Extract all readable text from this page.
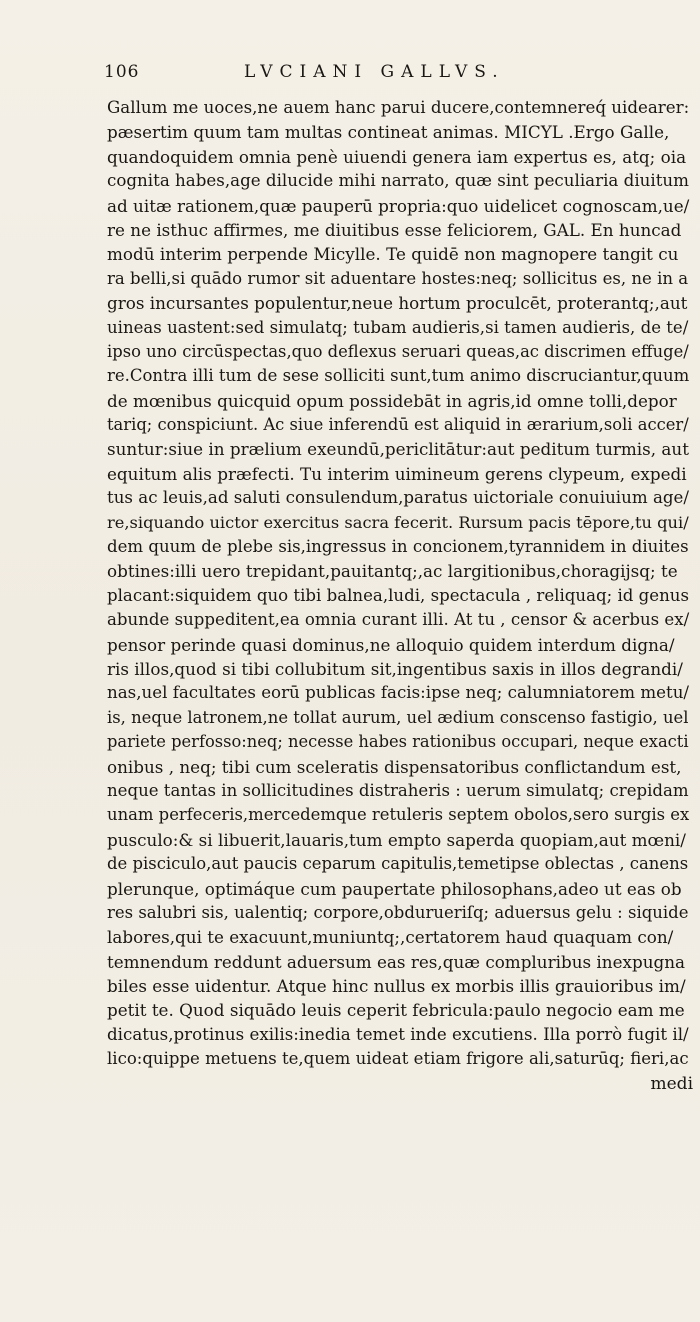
106	LVCIANI GALLVS.
Gallum me uoces,ne auem hanc parui ducere,contemnereq́ uidearer:
pæsertim quum tam multas contineat animas. MICYL .Ergo Galle,
quandoquidem omnia penè uiuendi genera iam expertus es, atq; oia
cognita habes,age dilucide mihi narrato, quæ sint peculiaria diuitum
ad uitæ rationem,quæ pauperū propria:quo uidelicet cognoscam,ue/
re ne isthuc affirmes, me diuitibus esse feliciorem, GAL. En huncad
modū interim perpende Micylle. Te quidē non magnopere tangit cu
ra belli,si quādo rumor sit aduentare hostes:neq; sollicitus es, ne in a
gros incursantes populentur,neue hortum proculcēt, proterantq;,aut
uineas uastent:sed simulatq; tubam audieris,si tamen audieris, de te/
ipso uno circūspectas,quo deflexus seruari queas,ac discrimen effuge/
re.Contra illi tum de sese solliciti sunt,tum animo discruciantur,quum
de mœnibus quicquid opum possidebāt in agris,id omne tolli,depor
tariq; conspiciunt. Ac siue inferendū est aliquid in ærarium,soli accer/
suntur:siue in prælium exeundū,periclitātur:aut peditum turmis, aut
equitum alis præfecti. Tu interim uimineum gerens clypeum, expedi
tus ac leuis,ad saluti consulendum,paratus uictoriale conuiuium age/
re,siquando uictor exercitus sacra fecerit. Rursum pacis tēpore,tu qui/
dem quum de plebe sis,ingressus in concionem,tyrannidem in diuites
obtines:illi uero trepidant,pauitantq;,ac largitionibus,choragijsq; te
placant:siquidem quo tibi balnea,ludi, spectacula , reliquaq; id genus
abunde suppeditent,ea omnia curant illi. At tu , censor & acerbus ex/
pensor perinde quasi dominus,ne alloquio quidem interdum digna/
ris illos,quod si tibi collubitum sit,ingentibus saxis in illos degrandi/
nas,uel facultates eorū publicas facis:ipse neq; calumniatorem metu/
is, neque latronem,ne tollat aurum, uel ædium conscenso fastigio, uel
pariete perfosso:neq; necesse habes rationibus occupari, neque exacti
onibus , neq; tibi cum sceleratis dispensatoribus conflictandum est,
neque tantas in sollicitudines distraheris : uerum simulatq; crepidam
unam perfeceris,mercedemque retuleris septem obolos,sero surgis ex
pusculo:& si libuerit,lauaris,tum empto saperda quopiam,aut mœni/
de pisciculo,aut paucis ceparum capitulis,temetipse oblectas , canens
plerunque, optimáque cum paupertate philosophans,adeo ut eas ob
res salubri sis, ualentiq; corpore,obdurueriſq; aduersus gelu : siquide
labores,qui te exacuunt,muniuntq;,certatorem haud quaquam con/
temnendum reddunt aduersum eas res,quæ compluribus inexpugna
biles esse uidentur. Atque hinc nullus ex morbis illis grauioribus im/
petit te. Quod siquādo leuis ceperit febricula:paulo negocio eam me
dicatus,protinus exilis:inedia temet inde excutiens. Illa porrò fugit il/
lico:quippe metuens te,quem uideat etiam frigore ali,saturūq; fieri,ac
medi
